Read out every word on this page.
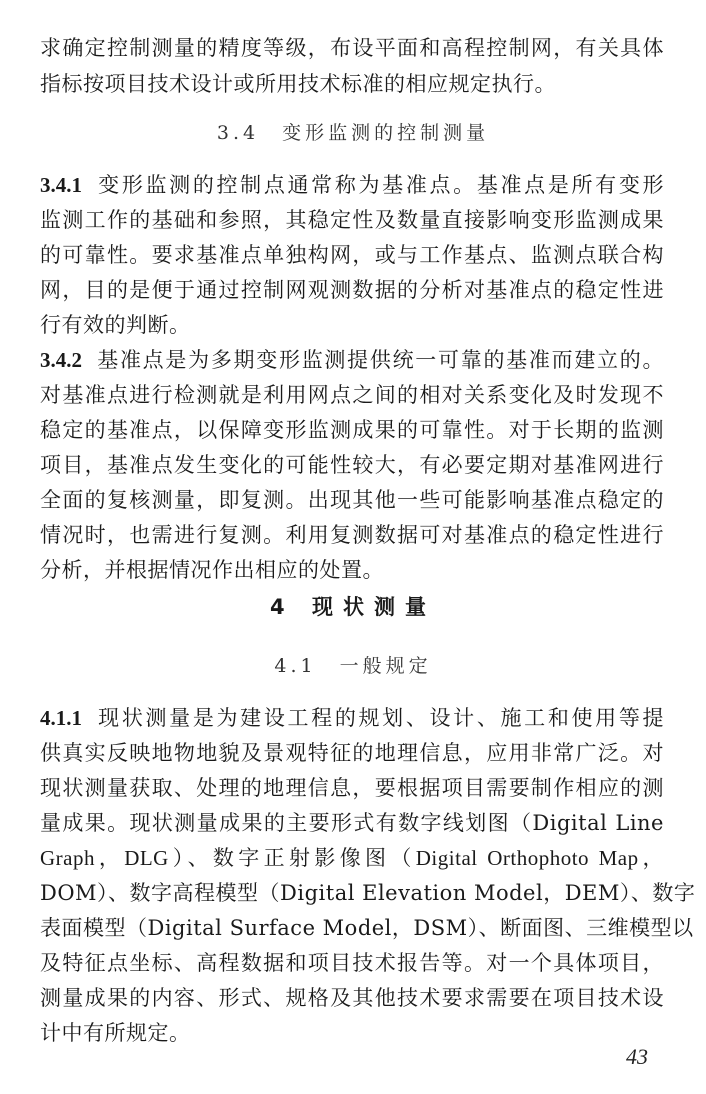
求确定控制测量的精度等级，布设平面和高程控制网，有关具体
指标按项目技术设计或所用技术标准的相应规定执行。
3.4　变形监测的控制测量
3.4.1 变形监测的控制点通常称为基准点。基准点是所有变形
监测工作的基础和参照，其稳定性及数量直接影响变形监测成果
的可靠性。要求基准点单独构网，或与工作基点、监测点联合构
网，目的是便于通过控制网观测数据的分析对基准点的稳定性进
行有效的判断。
3.4.2 基准点是为多期变形监测提供统一可靠的基准而建立的。
对基准点进行检测就是利用网点之间的相对关系变化及时发现不
稳定的基准点，以保障变形监测成果的可靠性。对于长期的监测
项目，基准点发生变化的可能性较大，有必要定期对基准网进行
全面的复核测量，即复测。出现其他一些可能影响基准点稳定的
情况时，也需进行复测。利用复测数据可对基准点的稳定性进行
分析，并根据情况作出相应的处置。
4 现状测量
4.1　一般规定
4.1.1 现状测量是为建设工程的规划、设计、施工和使用等提
供真实反映地物地貌及景观特征的地理信息，应用非常广泛。对
现状测量获取、处理的地理信息，要根据项目需要制作相应的测
量成果。现状测量成果的主要形式有数字线划图（Digital Line
Graph，DLG）、数字正射影像图（Digital Orthophoto Map，
DOM）、数字高程模型（Digital Elevation Model，DEM）、数字
表面模型（Digital Surface Model，DSM）、断面图、三维模型以
及特征点坐标、高程数据和项目技术报告等。对一个具体项目，
测量成果的内容、形式、规格及其他技术要求需要在项目技术设
计中有所规定。
43
